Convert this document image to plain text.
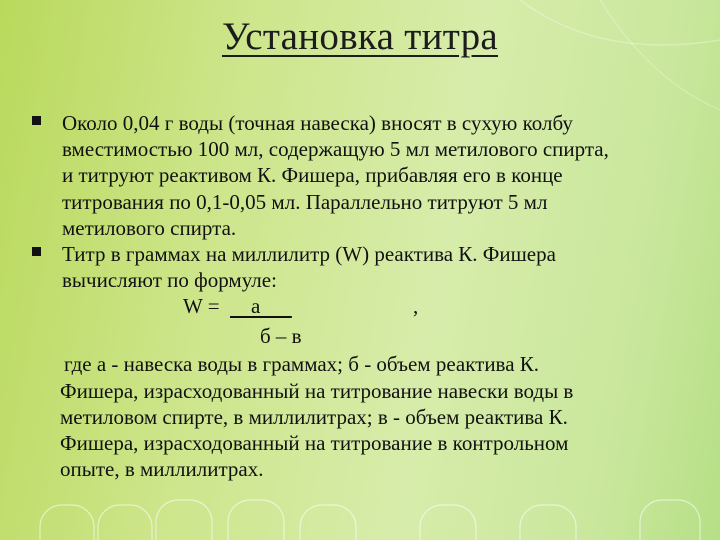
Установка титра
Около 0,04 г воды (точная навеска) вносят в сухую колбу
вместимостью 100 мл, содержащую 5 мл метилового спирта,
и титруют реактивом К. Фишера, прибавляя его в конце
титрования по 0,1-0,05 мл. Параллельно титруют 5 мл
метилового спирта.
Титр в граммах на миллилитр (W) реактива К. Фишера
вычисляют по формуле:
W =      а	,
б – в
где а - навеска воды в граммах; б - объем реактива К.
Фишера, израсходованный на титрование навески воды в
метиловом спирте, в миллилитрах; в - объем реактива К.
Фишера, израсходованный на титрование в контрольном
опыте, в миллилитрах.
